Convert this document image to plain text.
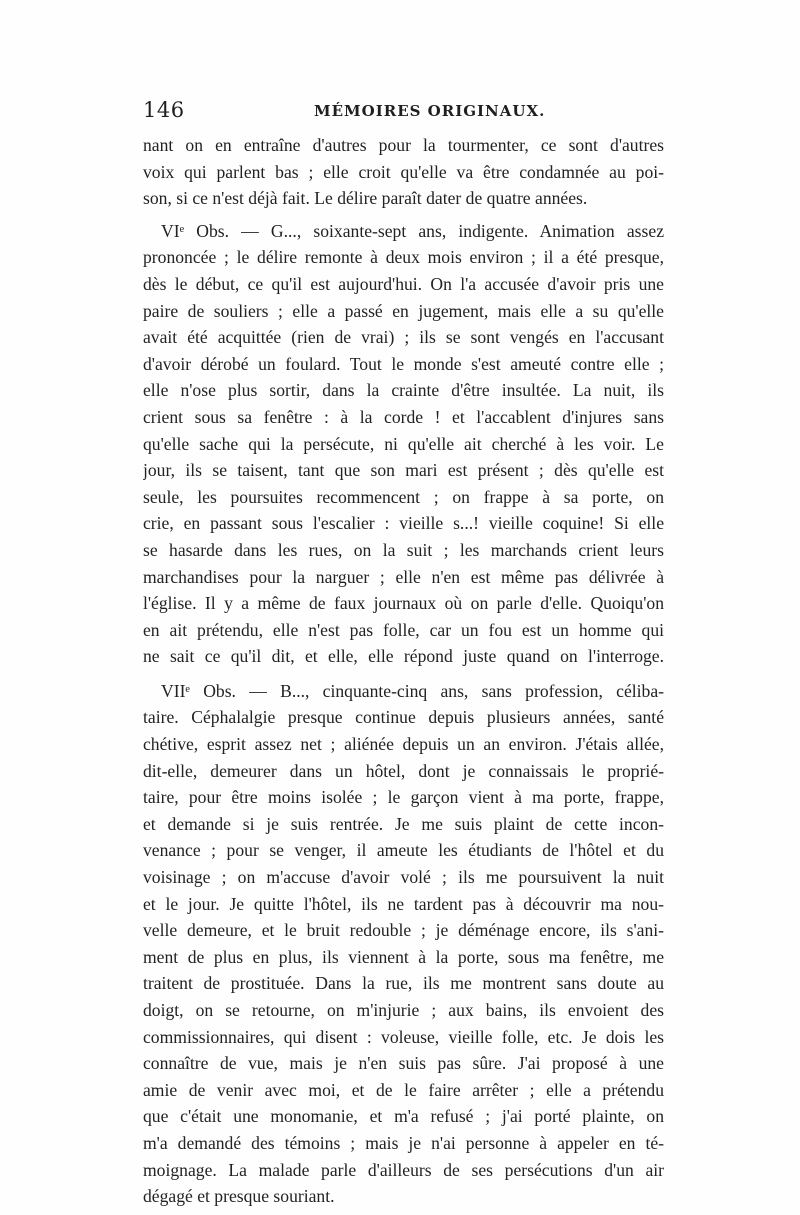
146	MÉMOIRES ORIGINAUX.
nant on en entraîne d'autres pour la tourmenter, ce sont d'autres
voix qui parlent bas ; elle croit qu'elle va être condamnée au poi-
son, si ce n'est déjà fait. Le délire paraît dater de quatre années.
VIᵉ Obs. — G..., soixante-sept ans, indigente. Animation assez
prononcée ; le délire remonte à deux mois environ ; il a été presque,
dès le début, ce qu'il est aujourd'hui. On l'a accusée d'avoir pris une
paire de souliers ; elle a passé en jugement, mais elle a su qu'elle
avait été acquittée (rien de vrai) ; ils se sont vengés en l'accusant
d'avoir dérobé un foulard. Tout le monde s'est ameuté contre elle ;
elle n'ose plus sortir, dans la crainte d'être insultée. La nuit, ils
crient sous sa fenêtre : à la corde ! et l'accablent d'injures sans
qu'elle sache qui la persécute, ni qu'elle ait cherché à les voir. Le
jour, ils se taisent, tant que son mari est présent ; dès qu'elle est
seule, les poursuites recommencent ; on frappe à sa porte, on
crie, en passant sous l'escalier : vieille s...! vieille coquine! Si elle
se hasarde dans les rues, on la suit ; les marchands crient leurs
marchandises pour la narguer ; elle n'en est même pas délivrée à
l'église. Il y a même de faux journaux où on parle d'elle. Quoiqu'on
en ait prétendu, elle n'est pas folle, car un fou est un homme qui
ne sait ce qu'il dit, et elle, elle répond juste quand on l'interroge.
VIIᵉ Obs. — B..., cinquante-cinq ans, sans profession, céliba-
taire. Céphalalgie presque continue depuis plusieurs années, santé
chétive, esprit assez net ; aliénée depuis un an environ. J'étais allée,
dit-elle, demeurer dans un hôtel, dont je connaissais le proprié-
taire, pour être moins isolée ; le garçon vient à ma porte, frappe,
et demande si je suis rentrée. Je me suis plaint de cette incon-
venance ; pour se venger, il ameute les étudiants de l'hôtel et du
voisinage ; on m'accuse d'avoir volé ; ils me poursuivent la nuit
et le jour. Je quitte l'hôtel, ils ne tardent pas à découvrir ma nou-
velle demeure, et le bruit redouble ; je déménage encore, ils s'ani-
ment de plus en plus, ils viennent à la porte, sous ma fenêtre, me
traitent de prostituée. Dans la rue, ils me montrent sans doute au
doigt, on se retourne, on m'injurie ; aux bains, ils envoient des
commissionnaires, qui disent : voleuse, vieille folle, etc. Je dois les
connaître de vue, mais je n'en suis pas sûre. J'ai proposé à une
amie de venir avec moi, et de le faire arrêter ; elle a prétendu
que c'était une monomanie, et m'a refusé ; j'ai porté plainte, on
m'a demandé des témoins ; mais je n'ai personne à appeler en té-
moignage. La malade parle d'ailleurs de ses persécutions d'un air
dégagé et presque souriant.
